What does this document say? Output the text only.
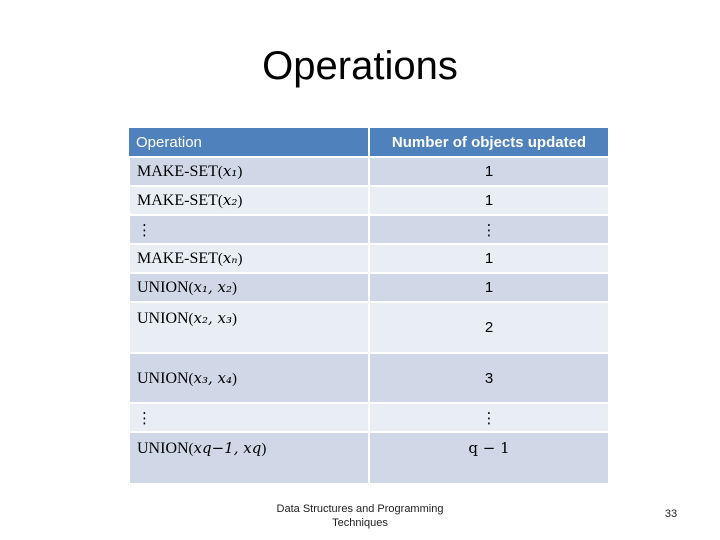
Operations
Operation	Number of objects updated
MAKE-SET(x₁)	1
MAKE-SET(x₂)	1
⋮	⋮
MAKE-SET(xₙ)	1
UNION(x₁, x₂)	1
UNION(x₂, x₃)	2
UNION(x₃, x₄)	3
⋮	⋮
UNION(xq−1, xq)	q − 1
Data Structures and Programming Techniques
33
